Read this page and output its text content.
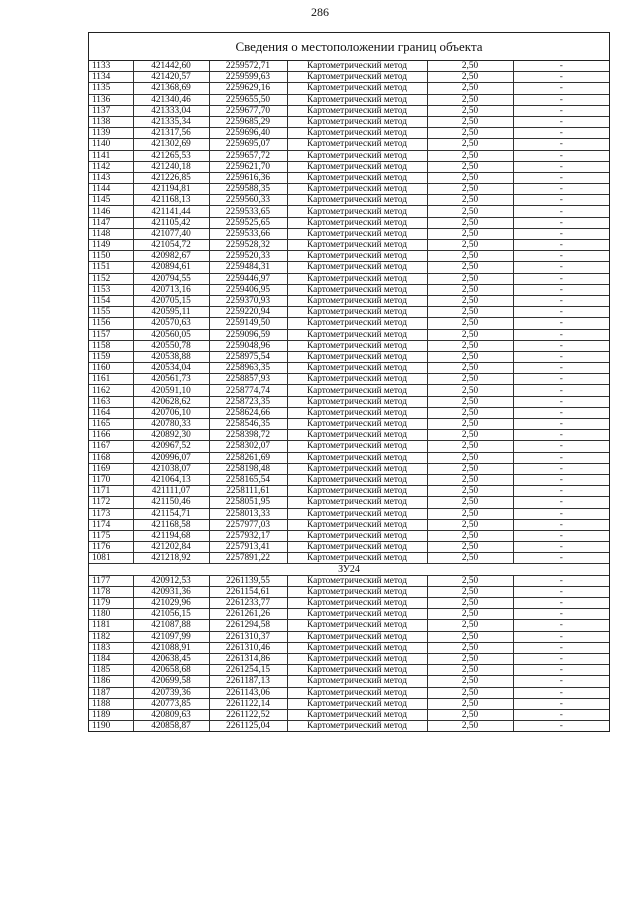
286
Сведения о местоположении границ объекта
1133	421442,60	2259572,71	Картометрический метод	2,50	-
1134	421420,57	2259599,63	Картометрический метод	2,50	-
1135	421368,69	2259629,16	Картометрический метод	2,50	-
1136	421340,46	2259655,50	Картометрический метод	2,50	-
1137	421333,04	2259677,70	Картометрический метод	2,50	-
1138	421335,34	2259685,29	Картометрический метод	2,50	-
1139	421317,56	2259696,40	Картометрический метод	2,50	-
1140	421302,69	2259695,07	Картометрический метод	2,50	-
1141	421265,53	2259657,72	Картометрический метод	2,50	-
1142	421240,18	2259621,70	Картометрический метод	2,50	-
1143	421226,85	2259616,36	Картометрический метод	2,50	-
1144	421194,81	2259588,35	Картометрический метод	2,50	-
1145	421168,13	2259560,33	Картометрический метод	2,50	-
1146	421141,44	2259533,65	Картометрический метод	2,50	-
1147	421105,42	2259525,65	Картометрический метод	2,50	-
1148	421077,40	2259533,66	Картометрический метод	2,50	-
1149	421054,72	2259528,32	Картометрический метод	2,50	-
1150	420982,67	2259520,33	Картометрический метод	2,50	-
1151	420894,61	2259484,31	Картометрический метод	2,50	-
1152	420794,55	2259446,97	Картометрический метод	2,50	-
1153	420713,16	2259406,95	Картометрический метод	2,50	-
1154	420705,15	2259370,93	Картометрический метод	2,50	-
1155	420595,11	2259220,94	Картометрический метод	2,50	-
1156	420570,63	2259149,50	Картометрический метод	2,50	-
1157	420560,05	2259096,59	Картометрический метод	2,50	-
1158	420550,78	2259048,96	Картометрический метод	2,50	-
1159	420538,88	2258975,54	Картометрический метод	2,50	-
1160	420534,04	2258963,35	Картометрический метод	2,50	-
1161	420561,73	2258857,93	Картометрический метод	2,50	-
1162	420591,10	2258774,74	Картометрический метод	2,50	-
1163	420628,62	2258723,35	Картометрический метод	2,50	-
1164	420706,10	2258624,66	Картометрический метод	2,50	-
1165	420780,33	2258546,35	Картометрический метод	2,50	-
1166	420892,30	2258398,72	Картометрический метод	2,50	-
1167	420967,52	2258302,07	Картометрический метод	2,50	-
1168	420996,07	2258261,69	Картометрический метод	2,50	-
1169	421038,07	2258198,48	Картометрический метод	2,50	-
1170	421064,13	2258165,54	Картометрический метод	2,50	-
1171	421111,07	2258111,61	Картометрический метод	2,50	-
1172	421150,46	2258051,95	Картометрический метод	2,50	-
1173	421154,71	2258013,33	Картометрический метод	2,50	-
1174	421168,58	2257977,03	Картометрический метод	2,50	-
1175	421194,68	2257932,17	Картометрический метод	2,50	-
1176	421202,84	2257913,41	Картометрический метод	2,50	-
1081	421218,92	2257891,22	Картометрический метод	2,50	-
ЗУ24					
1177	420912,53	2261139,55	Картометрический метод	2,50	-
1178	420931,36	2261154,61	Картометрический метод	2,50	-
1179	421029,96	2261233,77	Картометрический метод	2,50	-
1180	421056,15	2261261,26	Картометрический метод	2,50	-
1181	421087,88	2261294,58	Картометрический метод	2,50	-
1182	421097,99	2261310,37	Картометрический метод	2,50	-
1183	421088,91	2261310,46	Картометрический метод	2,50	-
1184	420638,45	2261314,86	Картометрический метод	2,50	-
1185	420658,68	2261254,15	Картометрический метод	2,50	-
1186	420699,58	2261187,13	Картометрический метод	2,50	-
1187	420739,36	2261143,06	Картометрический метод	2,50	-
1188	420773,85	2261122,14	Картометрический метод	2,50	-
1189	420809,63	2261122,52	Картометрический метод	2,50	-
1190	420858,87	2261125,04	Картометрический метод	2,50	-
